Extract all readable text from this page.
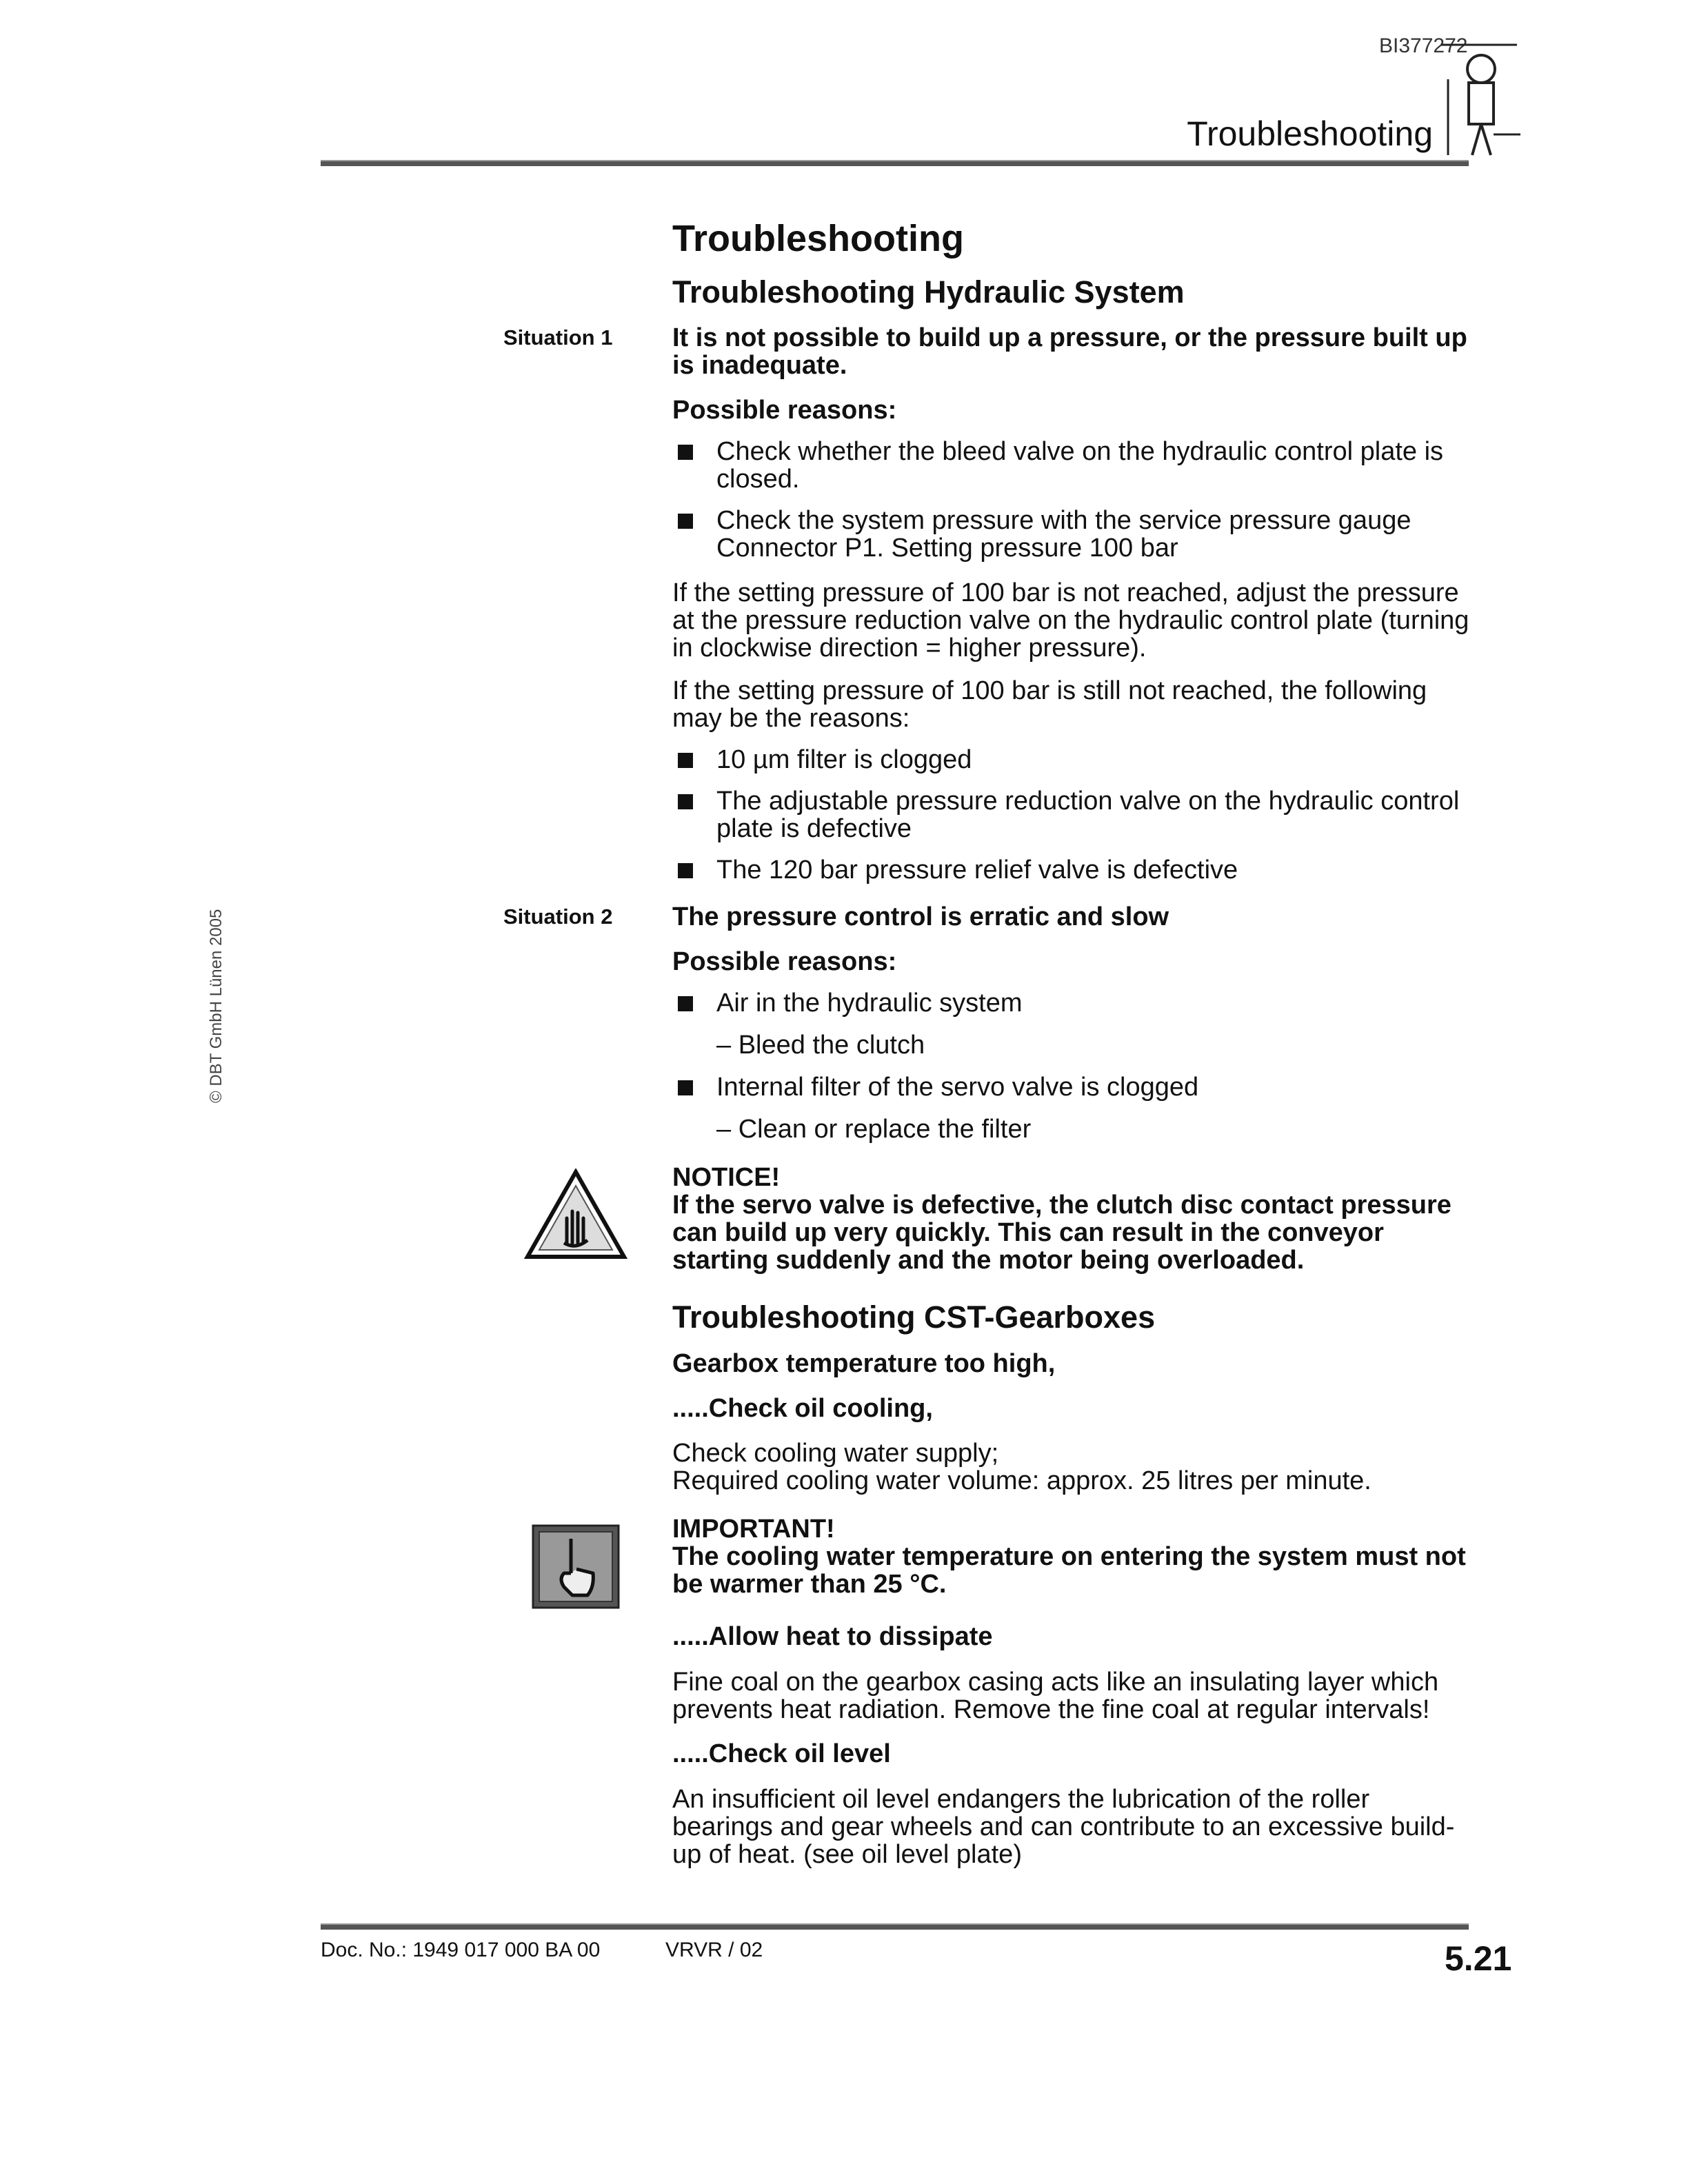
BI377272
Troubleshooting
© DBT GmbH Lünen 2005
Troubleshooting
Troubleshooting Hydraulic System
Situation 1 It is not possible to build up a pressure, or the pressure built up is inadequate.
Possible reasons:
Check whether the bleed valve on the hydraulic control plate is closed.
Check the system pressure with the service pressure gauge Connector P1. Setting pressure 100 bar
If the setting pressure of 100 bar is not reached, adjust the pressure at the pressure reduction valve on the hydraulic control plate (turning in clockwise direction = higher pressure).
If the setting pressure of 100 bar is still not reached, the following may be the reasons:
10 µm filter is clogged
The adjustable pressure reduction valve on the hydraulic control plate is defective
The 120 bar pressure relief valve is defective
Situation 2 The pressure control is erratic and slow
Possible reasons:
Air in the hydraulic system
– Bleed the clutch
Internal filter of the servo valve is clogged
– Clean or replace the filter
NOTICE!
If the servo valve is defective, the clutch disc contact pressure can build up very quickly. This can result in the conveyor starting suddenly and the motor being overloaded.
Troubleshooting CST-Gearboxes
Gearbox temperature too high,
.....Check oil cooling,
Check cooling water supply;
Required cooling water volume: approx. 25 litres per minute.
IMPORTANT!
The cooling water temperature on entering the system must not be warmer than 25 °C.
.....Allow heat to dissipate
Fine coal on the gearbox casing acts like an insulating layer which prevents heat radiation. Remove the fine coal at regular intervals!
.....Check oil level
An insufficient oil level endangers the lubrication of the roller bearings and gear wheels and can contribute to an excessive build-up of heat. (see oil level plate)
Doc. No.: 1949 017 000 BA 00	VRVR / 02	5.21
